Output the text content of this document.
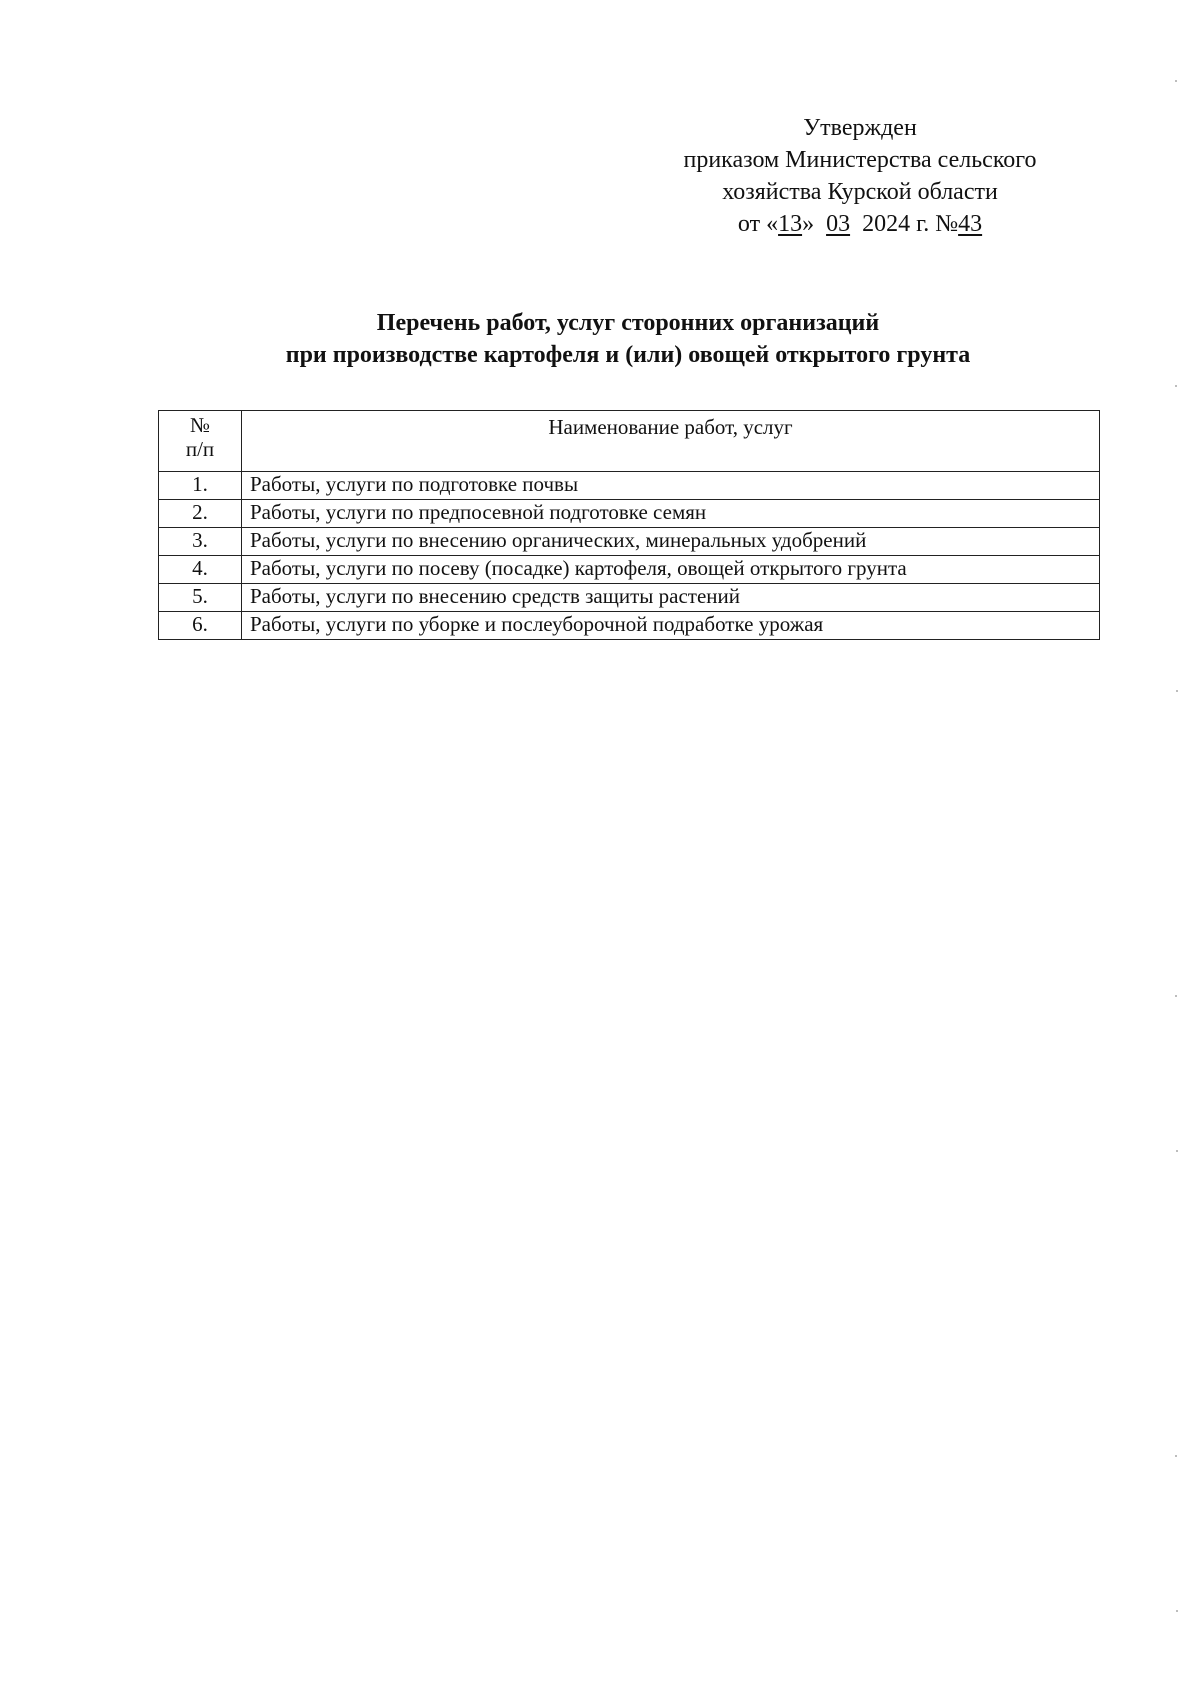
Утвержден
приказом Министерства сельского
хозяйства Курской области
от «13»  03  2024 г. №43
Перечень работ, услуг сторонних организаций
при производстве картофеля и (или) овощей открытого грунта
№
п/п	Наименование работ, услуг
1.	Работы, услуги по подготовке почвы
2.	Работы, услуги по предпосевной подготовке семян
3.	Работы, услуги по внесению органических, минеральных удобрений
4.	Работы, услуги по посеву (посадке) картофеля, овощей открытого грунта
5.	Работы, услуги по внесению средств защиты растений
6.	Работы, услуги по уборке и послеуборочной подработке урожая
